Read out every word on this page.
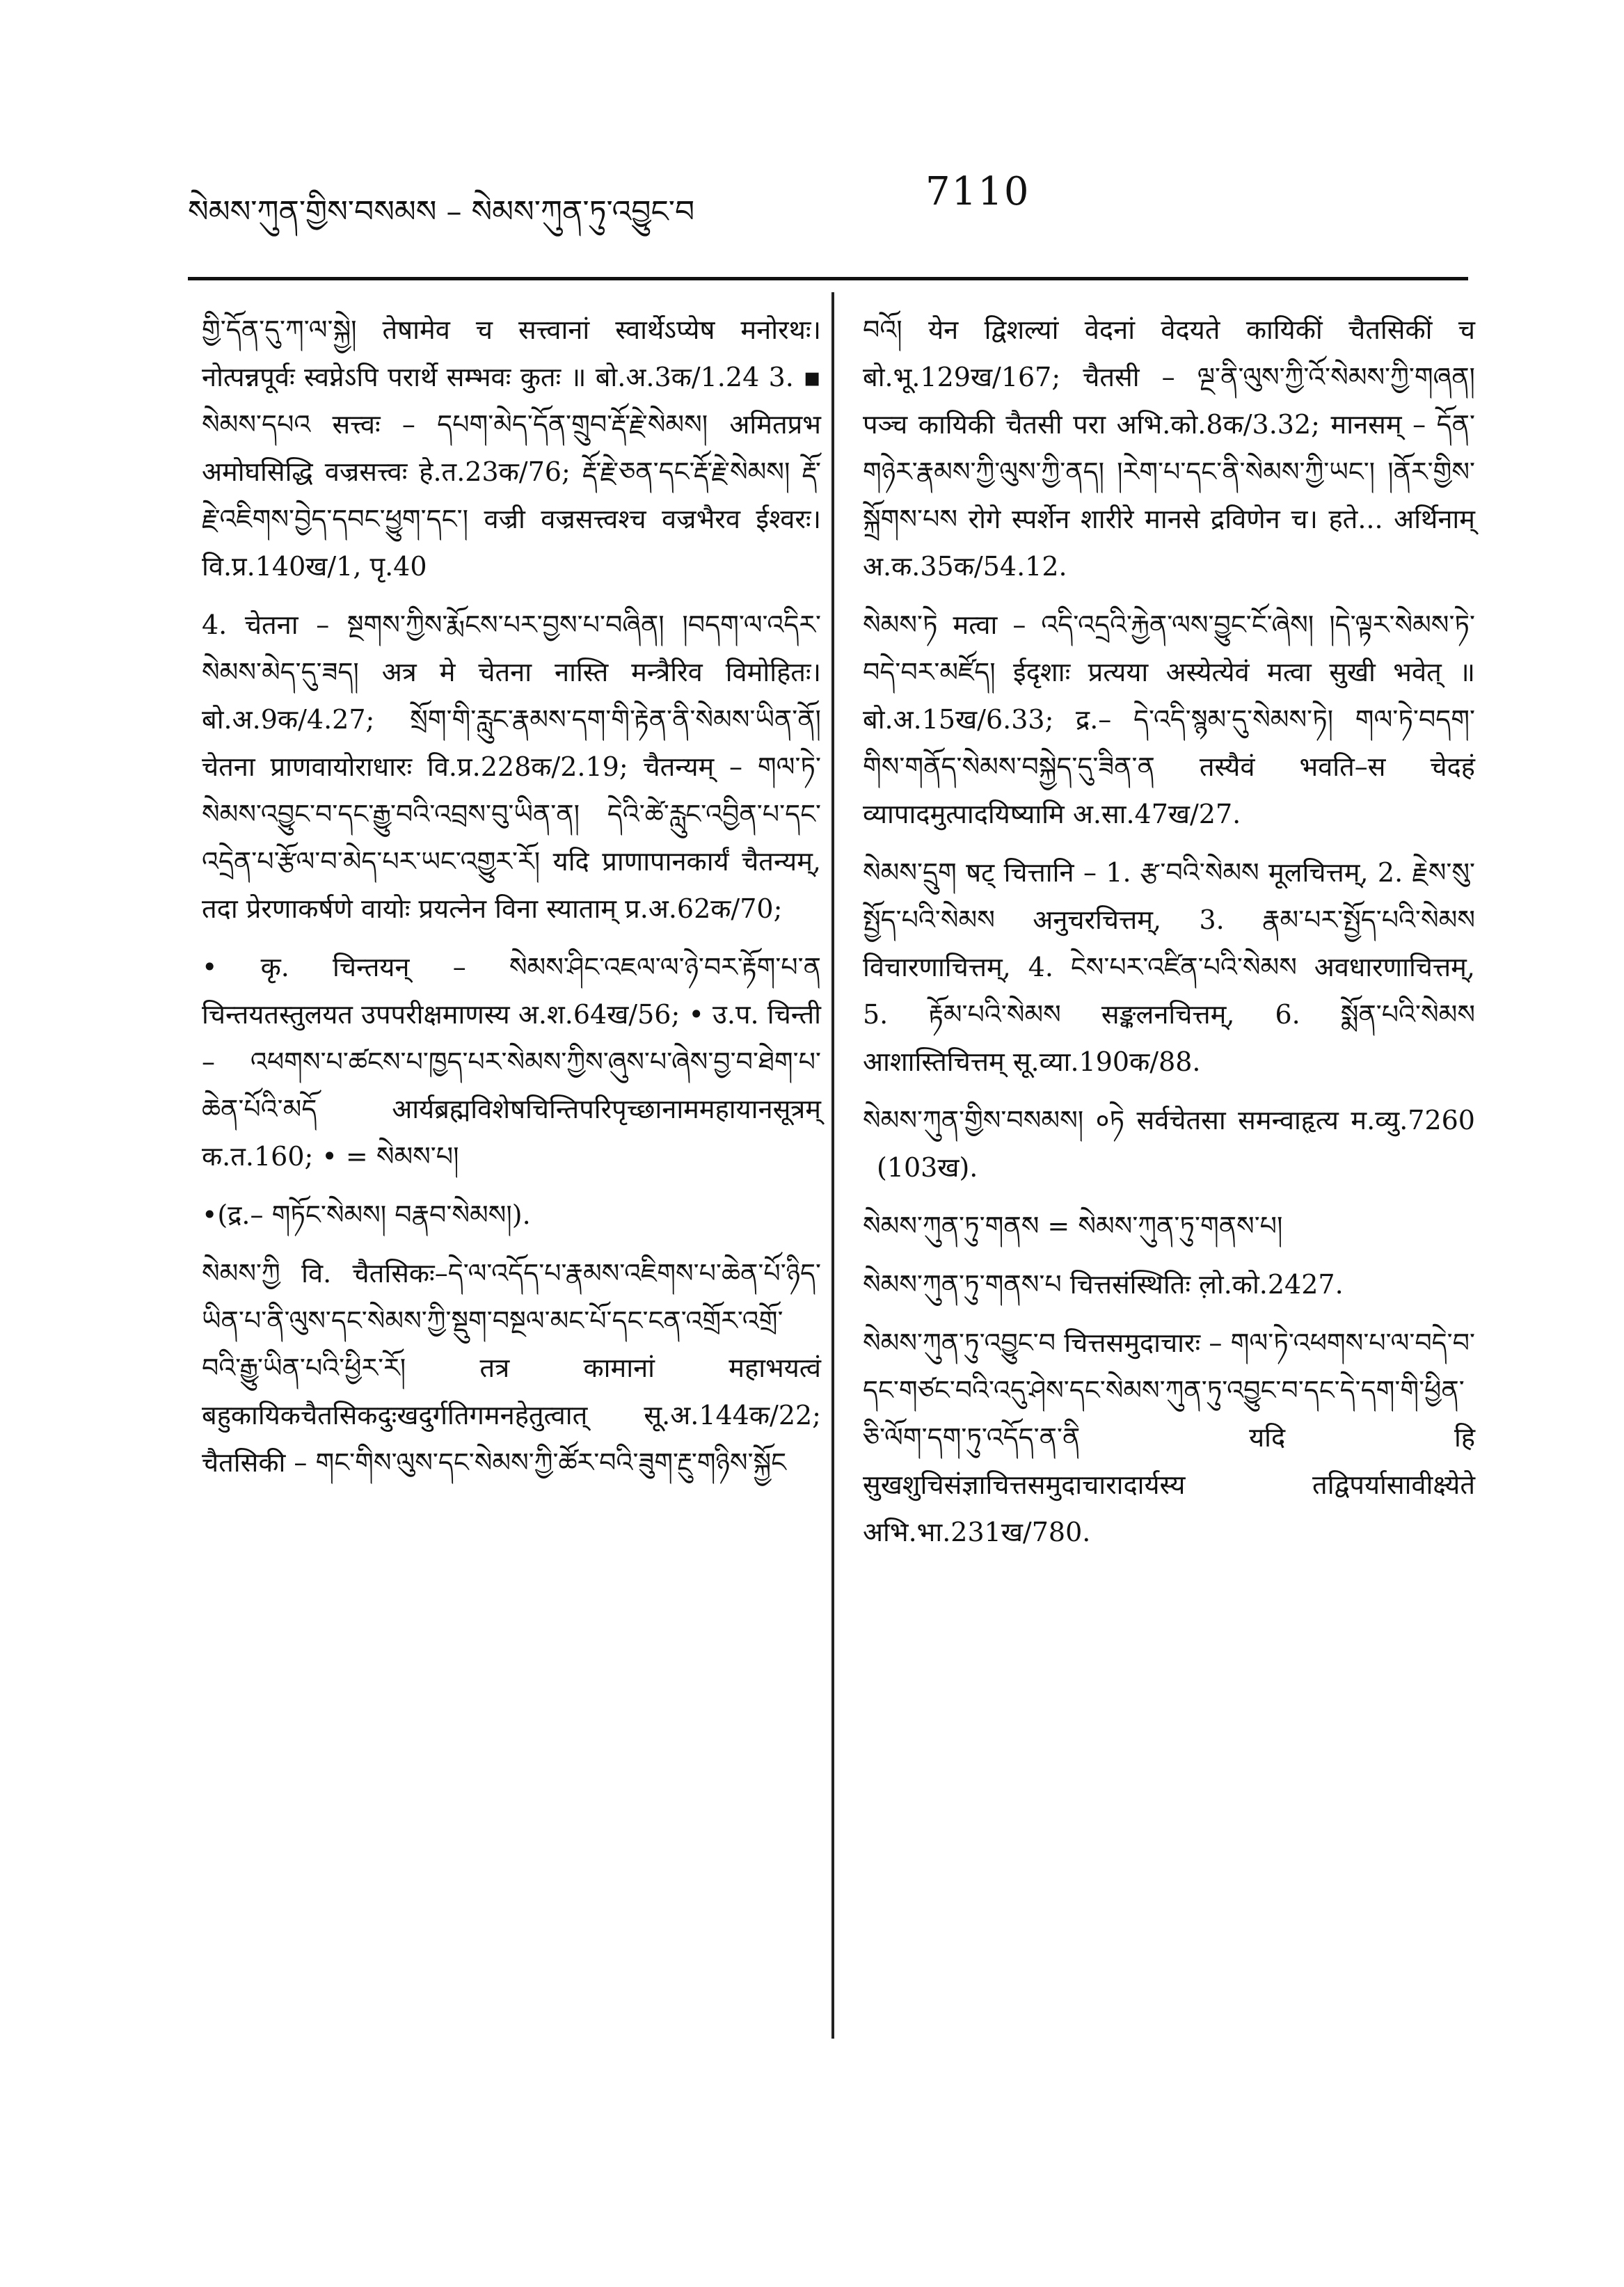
སེམས་ཀུན་གྱིས་བསམས – སེམས་ཀུན་ཏུ་འབྱུང་བ	7110

གྱི་དོན་དུ་ཀ་ལ་སྐྱེ། तेषामेव च सत्त्वानां स्वार्थेऽप्येष मनोरथः। नोत्पन्नपूर्वः स्वप्नेऽपि परार्थे सम्भवः कुतः ॥ बो.अ.3क/1.24 3. ▪ སེམས་དཔའ सत्त्वः – དཔག་མེད་དོན་གྲུབ་རྡོ་རྗེ་སེམས། अमितप्रभ अमोघसिद्धि वज्रसत्त्वः हे.त.23क/76; རྡོ་རྗེ་ཅན་དང་རྡོ་རྗེ་སེམས། རྡོ་རྗེ་འཇིགས་བྱེད་དབང་ཕྱུག་དང་། वज्री वज्रसत्त्वश्च वज्रभैरव ईश्वरः। वि.प्र.140ख/1, पृ.40

4. चेतना – སྔགས་ཀྱིས་རྨོངས་པར་བྱས་པ་བཞིན། །བདག་ལ་འདིར་སེམས་མེད་དུ་ཟད། अत्र मे चेतना नास्ति मन्त्रैरिव विमोहितः। बो.अ.9क/4.27; སྲོག་གི་རླུང་རྣམས་དག་གི་རྟེན་ནི་སེམས་ཡིན་ནོ། चेतना प्राणवायोराधारः वि.प्र.228क/2.19; चैतन्यम् – གལ་ཏེ་སེམས་འབྱུང་བ་དང་རྒྱུ་བའི་འབྲས་བུ་ཡིན་ན། དེའི་ཚེ་རླུང་འབྱིན་པ་དང་འདྲེན་པ་རྩོལ་བ་མེད་པར་ཡང་འགྱུར་རོ། यदि प्राणापानकार्यं चैतन्यम्, तदा प्रेरणाकर्षणे वायोः प्रयत्नेन विना स्याताम् प्र.अ.62क/70;

• कृ. चिन्तयन् – སེམས་ཤིང་འཇལ་ལ་ཉེ་བར་རྟོག་པ་ན चिन्तयतस्तुलयत उपपरीक्षमाणस्य अ.श.64ख/56; • उ.प. चिन्ती – འཕགས་པ་ཚངས་པ་ཁྱད་པར་སེམས་ཀྱིས་ཞུས་པ་ཞེས་བྱ་བ་ཐེག་པ་ཆེན་པོའི་མདོ आर्यब्रह्मविशेषचिन्तिपरिपृच्छानाममहायानसूत्रम् क.त.160; • = སེམས་པ།

•(द्र.– གཏོང་སེམས། བརྣབ་སེམས།).

སེམས་ཀྱི वि. चैतसिकः–དེ་ལ་འདོད་པ་རྣམས་འཇིགས་པ་ཆེན་པོ་ཉིད་ཡིན་པ་ནི་ལུས་དང་སེམས་ཀྱི་སྡུག་བསྔལ་མང་པོ་དང་ངན་འགྲོར་འགྲོ་བའི་རྒྱུ་ཡིན་པའི་ཕྱིར་རོ། तत्र कामानां महाभयत्वं बहुकायिकचैतसिकदुःखदुर्गतिगमनहेतुत्वात् सू.अ.144क/22; चैतसिकी – གང་གིས་ལུས་དང་སེམས་ཀྱི་ཚོར་བའི་ཟུག་རྔུ་གཉིས་སྐྱོང

བའོ། येन द्विशल्यां वेदनां वेदयते कायिकीं चैतसिकीं च बो.भू.129ख/167; चैतसी – ལྔ་ནི་ལུས་ཀྱི་འོ་སེམས་ཀྱི་གཞན། पञ्च कायिकी चैतसी परा अभि.को.8क/3.32; मानसम् – དོན་གཉེར་རྣམས་ཀྱི་ལུས་ཀྱི་ནད། །རེག་པ་དང་ནི་སེམས་ཀྱི་ཡང་། །ནོར་གྱིས་སྐྲོགས་པས रोगे स्पर्शेन शारीरे मानसे द्रविणेन च। हते... अर्थिनाम् अ.क.35क/54.12.

སེམས་ཏེ मत्वा – འདི་འདྲའི་རྐྱེན་ལས་བྱུང་ངོ་ཞེས། །དེ་ལྟར་སེམས་ཏེ་བདེ་བར་མཛོད། ईदृशाः प्रत्यया अस्येत्येवं मत्वा सुखी भवेत् ॥ बो.अ.15ख/6.33; द्र.– དེ་འདི་སྙམ་དུ་སེམས་ཏེ། གལ་ཏེ་བདག་གིས་གནོད་སེམས་བསྐྱེད་དུ་ཟིན་ན तस्यैवं भवति–स चेदहं व्यापादमुत्पादयिष्यामि अ.सा.47ख/27.

སེམས་དྲུག षट् चित्तानि – 1. རྩ་བའི་སེམས मूलचित्तम्, 2. རྗེས་སུ་སྤྱོད་པའི་སེམས अनुचरचित्तम्, 3. རྣམ་པར་སྤྱོད་པའི་སེམས विचारणाचित्तम्, 4. ངེས་པར་འཛིན་པའི་སེམས अवधारणाचित्तम्, 5. རྟོམ་པའི་སེམས सङ्कलनचित्तम्, 6. སྨོན་པའི་སེམས आशास्तिचित्तम् सू.व्या.190क/88.

སེམས་ཀུན་གྱིས་བསམས། ०ཏེ सर्वचेतसा समन्वाहृत्य म.व्यु.7260 (103ख).

སེམས་ཀུན་ཏུ་གནས = སེམས་ཀུན་ཏུ་གནས་པ།

སེམས་ཀུན་ཏུ་གནས་པ चित्तसंस्थितिः ल़ो.को.2427.

སེམས་ཀུན་ཏུ་འབྱུང་བ चित्तसमुदाचारः – གལ་ཏེ་འཕགས་པ་ལ་བདེ་བ་དང་གཙང་བའི་འདུ་ཤེས་དང་སེམས་ཀུན་ཏུ་འབྱུང་བ་དང་དེ་དག་གི་ཕྱིན་ཅི་ལོག་དག་ཏུ་འདོད་ན་ནི यदि हि सुखशुचिसंज्ञाचित्तसमुदाचारादार्यस्य तद्विपर्यासावीक्ष्येते अभि.भा.231ख/780.
